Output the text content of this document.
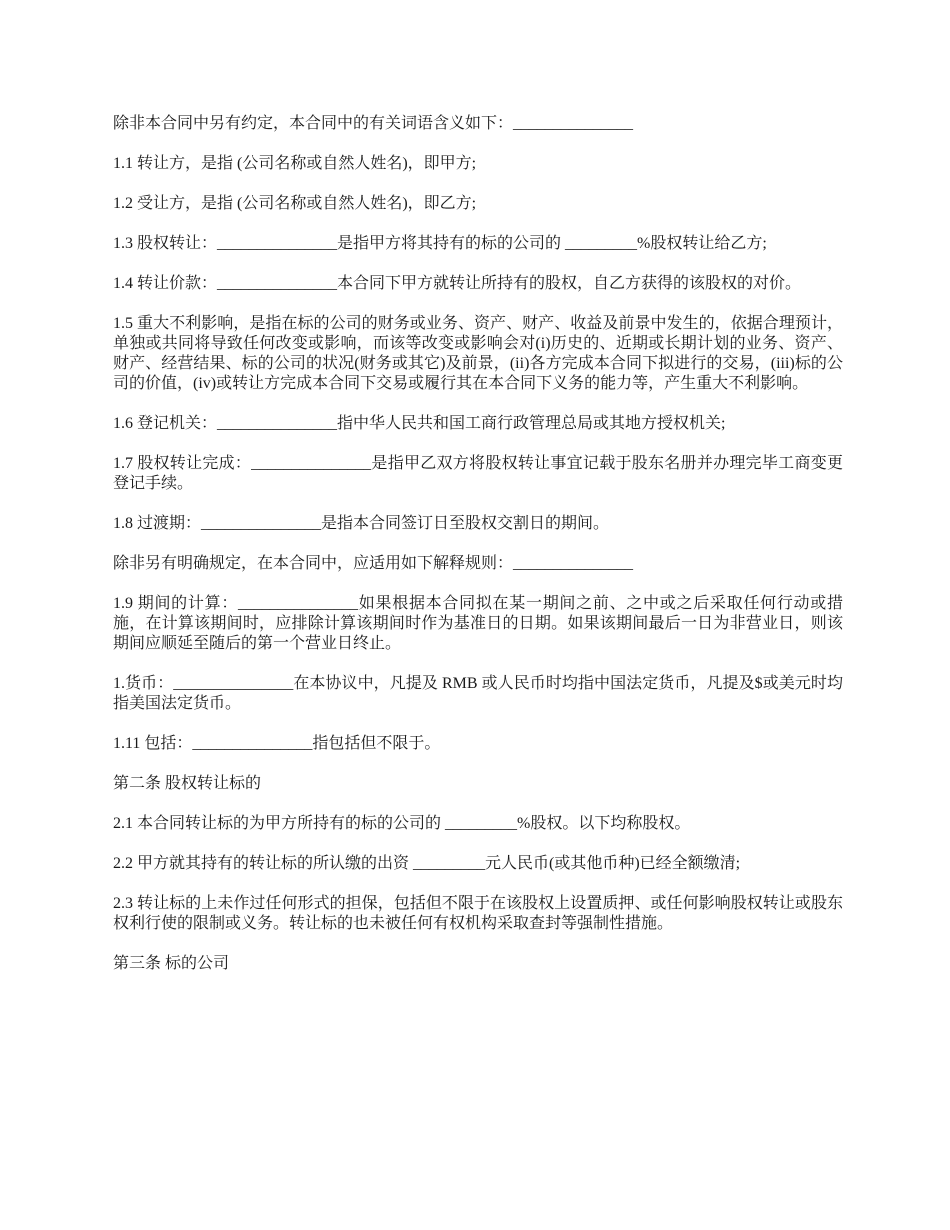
除非本合同中另有约定，本合同中的有关词语含义如下：_______________

1.1 转让方，是指 (公司名称或自然人姓名)，即甲方;

1.2 受让方，是指 (公司名称或自然人姓名)，即乙方;

1.3 股权转让：_______________是指甲方将其持有的标的公司的 _________%股权转让给乙方;

1.4 转让价款：_______________本合同下甲方就转让所持有的股权，自乙方获得的该股权的对价。

1.5 重大不利影响，是指在标的公司的财务或业务、资产、财产、收益及前景中发生的，依据合理预计，单独或共同将导致任何改变或影响，而该等改变或影响会对(i)历史的、近期或长期计划的业务、资产、财产、经营结果、标的公司的状况(财务或其它)及前景，(ii)各方完成本合同下拟进行的交易，(iii)标的公司的价值，(iv)或转让方完成本合同下交易或履行其在本合同下义务的能力等，产生重大不利影响。

1.6 登记机关：_______________指中华人民共和国工商行政管理总局或其地方授权机关;

1.7 股权转让完成：_______________是指甲乙双方将股权转让事宜记载于股东名册并办理完毕工商变更登记手续。

1.8 过渡期：_______________是指本合同签订日至股权交割日的期间。

除非另有明确规定，在本合同中，应适用如下解释规则：_______________

1.9 期间的计算：_______________如果根据本合同拟在某一期间之前、之中或之后采取任何行动或措施，在计算该期间时，应排除计算该期间时作为基准日的日期。如果该期间最后一日为非营业日，则该期间应顺延至随后的第一个营业日终止。

1.货币：_______________在本协议中，凡提及 RMB 或人民币时均指中国法定货币，凡提及$或美元时均指美国法定货币。

1.11 包括：_______________指包括但不限于。

第二条 股权转让标的

2.1 本合同转让标的为甲方所持有的标的公司的 _________%股权。以下均称股权。

2.2 甲方就其持有的转让标的所认缴的出资 _________元人民币(或其他币种)已经全额缴清;

2.3 转让标的上未作过任何形式的担保，包括但不限于在该股权上设置质押、或任何影响股权转让或股东权利行使的限制或义务。转让标的也未被任何有权机构采取查封等强制性措施。

第三条 标的公司
